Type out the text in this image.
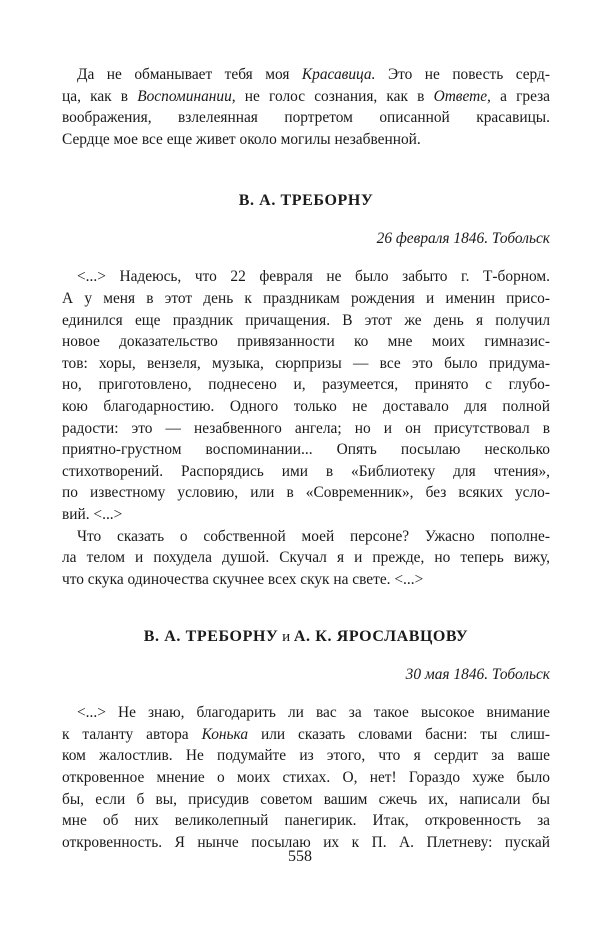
Да не обманывает тебя моя Красавица. Это не повесть серд-
ца, как в Воспоминании, не голос сознания, как в Ответе, а греза
воображения, взлелеянная портретом описанной красавицы.
Сердце мое все еще живет около могилы незабвенной.

В. А. ТРЕБОРНУ

26 февраля 1846. Тобольск

<...> Надеюсь, что 22 февраля не было забыто г. Т-борном.
А у меня в этот день к праздникам рождения и именин присо-
единился еще праздник причащения. В этот же день я получил
новое доказательство привязанности ко мне моих гимназис-
тов: хоры, вензеля, музыка, сюрпризы — все это было придума-
но, приготовлено, поднесено и, разумеется, принято с глубо-
кою благодарностию. Одного только не доставало для полной
радости: это — незабвенного ангела; но и он присутствовал в
приятно-грустном воспоминании... Опять посылаю несколько
стихотворений. Распорядись ими в «Библиотеку для чтения»,
по известному условию, или в «Современник», без всяких усло-
вий. <...>

Что сказать о собственной моей персоне? Ужасно пополне-
ла телом и похудела душой. Скучал я и прежде, но теперь вижу,
что скука одиночества скучнее всех скук на свете. <...>

В. А. ТРЕБОРНУ и А. К. ЯРОСЛАВЦОВУ

30 мая 1846. Тобольск

<...> Не знаю, благодарить ли вас за такое высокое внимание
к таланту автора Конька или сказать словами басни: ты слиш-
ком жалостлив. Не подумайте из этого, что я сердит за ваше
откровенное мнение о моих стихах. О, нет! Гораздо хуже было
бы, если б вы, присудив советом вашим сжечь их, написали бы
мне об них великолепный панегирик. Итак, откровенность за
откровенность. Я нынче посылаю их к П. А. Плетневу: пускай

558
